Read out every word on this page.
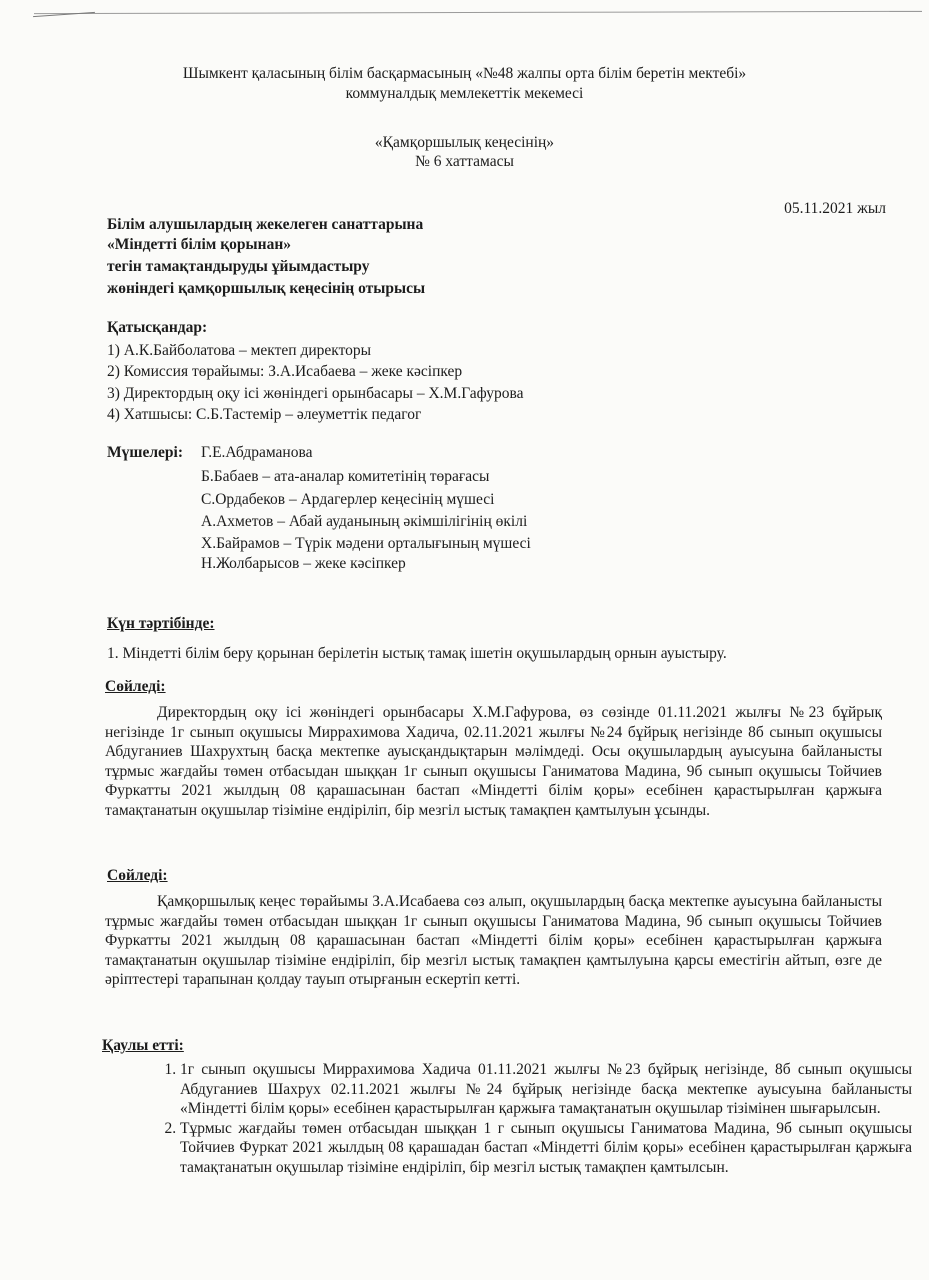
Шымкент қаласының білім басқармасының «№48 жалпы орта білім беретін мектебі»
коммуналдық мемлекеттік мекемесі
«Қамқоршылық кеңесінің»
№ 6 хаттамасы
05.11.2021 жыл
Білім алушылардың жекелеген санаттарына
«Міндетті білім қорынан»
тегін тамақтандыруды ұйымдастыру
жөніндегі қамқоршылық кеңесінің отырысы
Қатысқандар:
1) А.К.Байболатова – мектеп директоры
2) Комиссия төрайымы: З.А.Исабаева – жеке кәсіпкер
3) Директордың оқу ісі жөніндегі орынбасары – Х.М.Гафурова
4) Хатшысы: С.Б.Тастемір – әлеуметтік педагог
Мүшелері: Г.Е.Абдраманова
Б.Бабаев – ата-аналар комитетінің төрағасы
С.Ордабеков – Ардагерлер кеңесінің мүшесі
А.Ахметов – Абай ауданының әкімшілігінің өкілі
Х.Байрамов – Түрік мәдени орталығының мүшесі
Н.Жолбарысов – жеке кәсіпкер
Күн тәртібінде:
1. Міндетті білім беру қорынан берілетін ыстық тамақ ішетін оқушылардың орнын ауыстыру.
Сөйледі:
Директордың оқу ісі жөніндегі орынбасары Х.М.Гафурова, өз сөзінде 01.11.2021 жылғы №23 бұйрық негізінде 1г сынып оқушысы Миррахимова Хадича, 02.11.2021 жылғы №24 бұйрық негізінде 8б сынып оқушысы Абдуганиев Шахрухтың басқа мектепке ауысқандықтарын мәлімдеді. Осы оқушылардың ауысуына байланысты тұрмыс жағдайы төмен отбасыдан шыққан 1г сынып оқушысы Ганиматова Мадина, 9б сынып оқушысы Тойчиев Фуркатты 2021 жылдың 08 қарашасынан бастап «Міндетті білім қоры» есебінен қарастырылған қаржыға тамақтанатын оқушылар тізіміне ендіріліп, бір мезгіл ыстық тамақпен қамтылуын ұсынды.
Сөйледі:
Қамқоршылық кеңес төрайымы З.А.Исабаева сөз алып, оқушылардың басқа мектепке ауысуына байланысты тұрмыс жағдайы төмен отбасыдан шыққан 1г сынып оқушысы Ганиматова Мадина, 9б сынып оқушысы Тойчиев Фуркатты 2021 жылдың 08 қарашасынан бастап «Міндетті білім қоры» есебінен қарастырылған қаржыға тамақтанатын оқушылар тізіміне ендіріліп, бір мезгіл ыстық тамақпен қамтылуына қарсы еместігін айтып, өзге де әріптестері тарапынан қолдау тауып отырғанын ескертіп кетті.
Қаулы етті:
1. 1г сынып оқушысы Миррахимова Хадича 01.11.2021 жылғы №23 бұйрық негізінде, 8б сынып оқушысы Абдуганиев Шахрух 02.11.2021 жылғы №24 бұйрық негізінде басқа мектепке ауысуына байланысты «Міндетті білім қоры» есебінен қарастырылған қаржыға тамақтанатын оқушылар тізімінен шығарылсын.
2. Тұрмыс жағдайы төмен отбасыдан шыққан 1 г сынып оқушысы Ганиматова Мадина, 9б сынып оқушысы Тойчиев Фуркат 2021 жылдың 08 қарашадан бастап «Міндетті білім қоры» есебінен қарастырылған қаржыға тамақтанатын оқушылар тізіміне ендіріліп, бір мезгіл ыстық тамақпен қамтылсын.
